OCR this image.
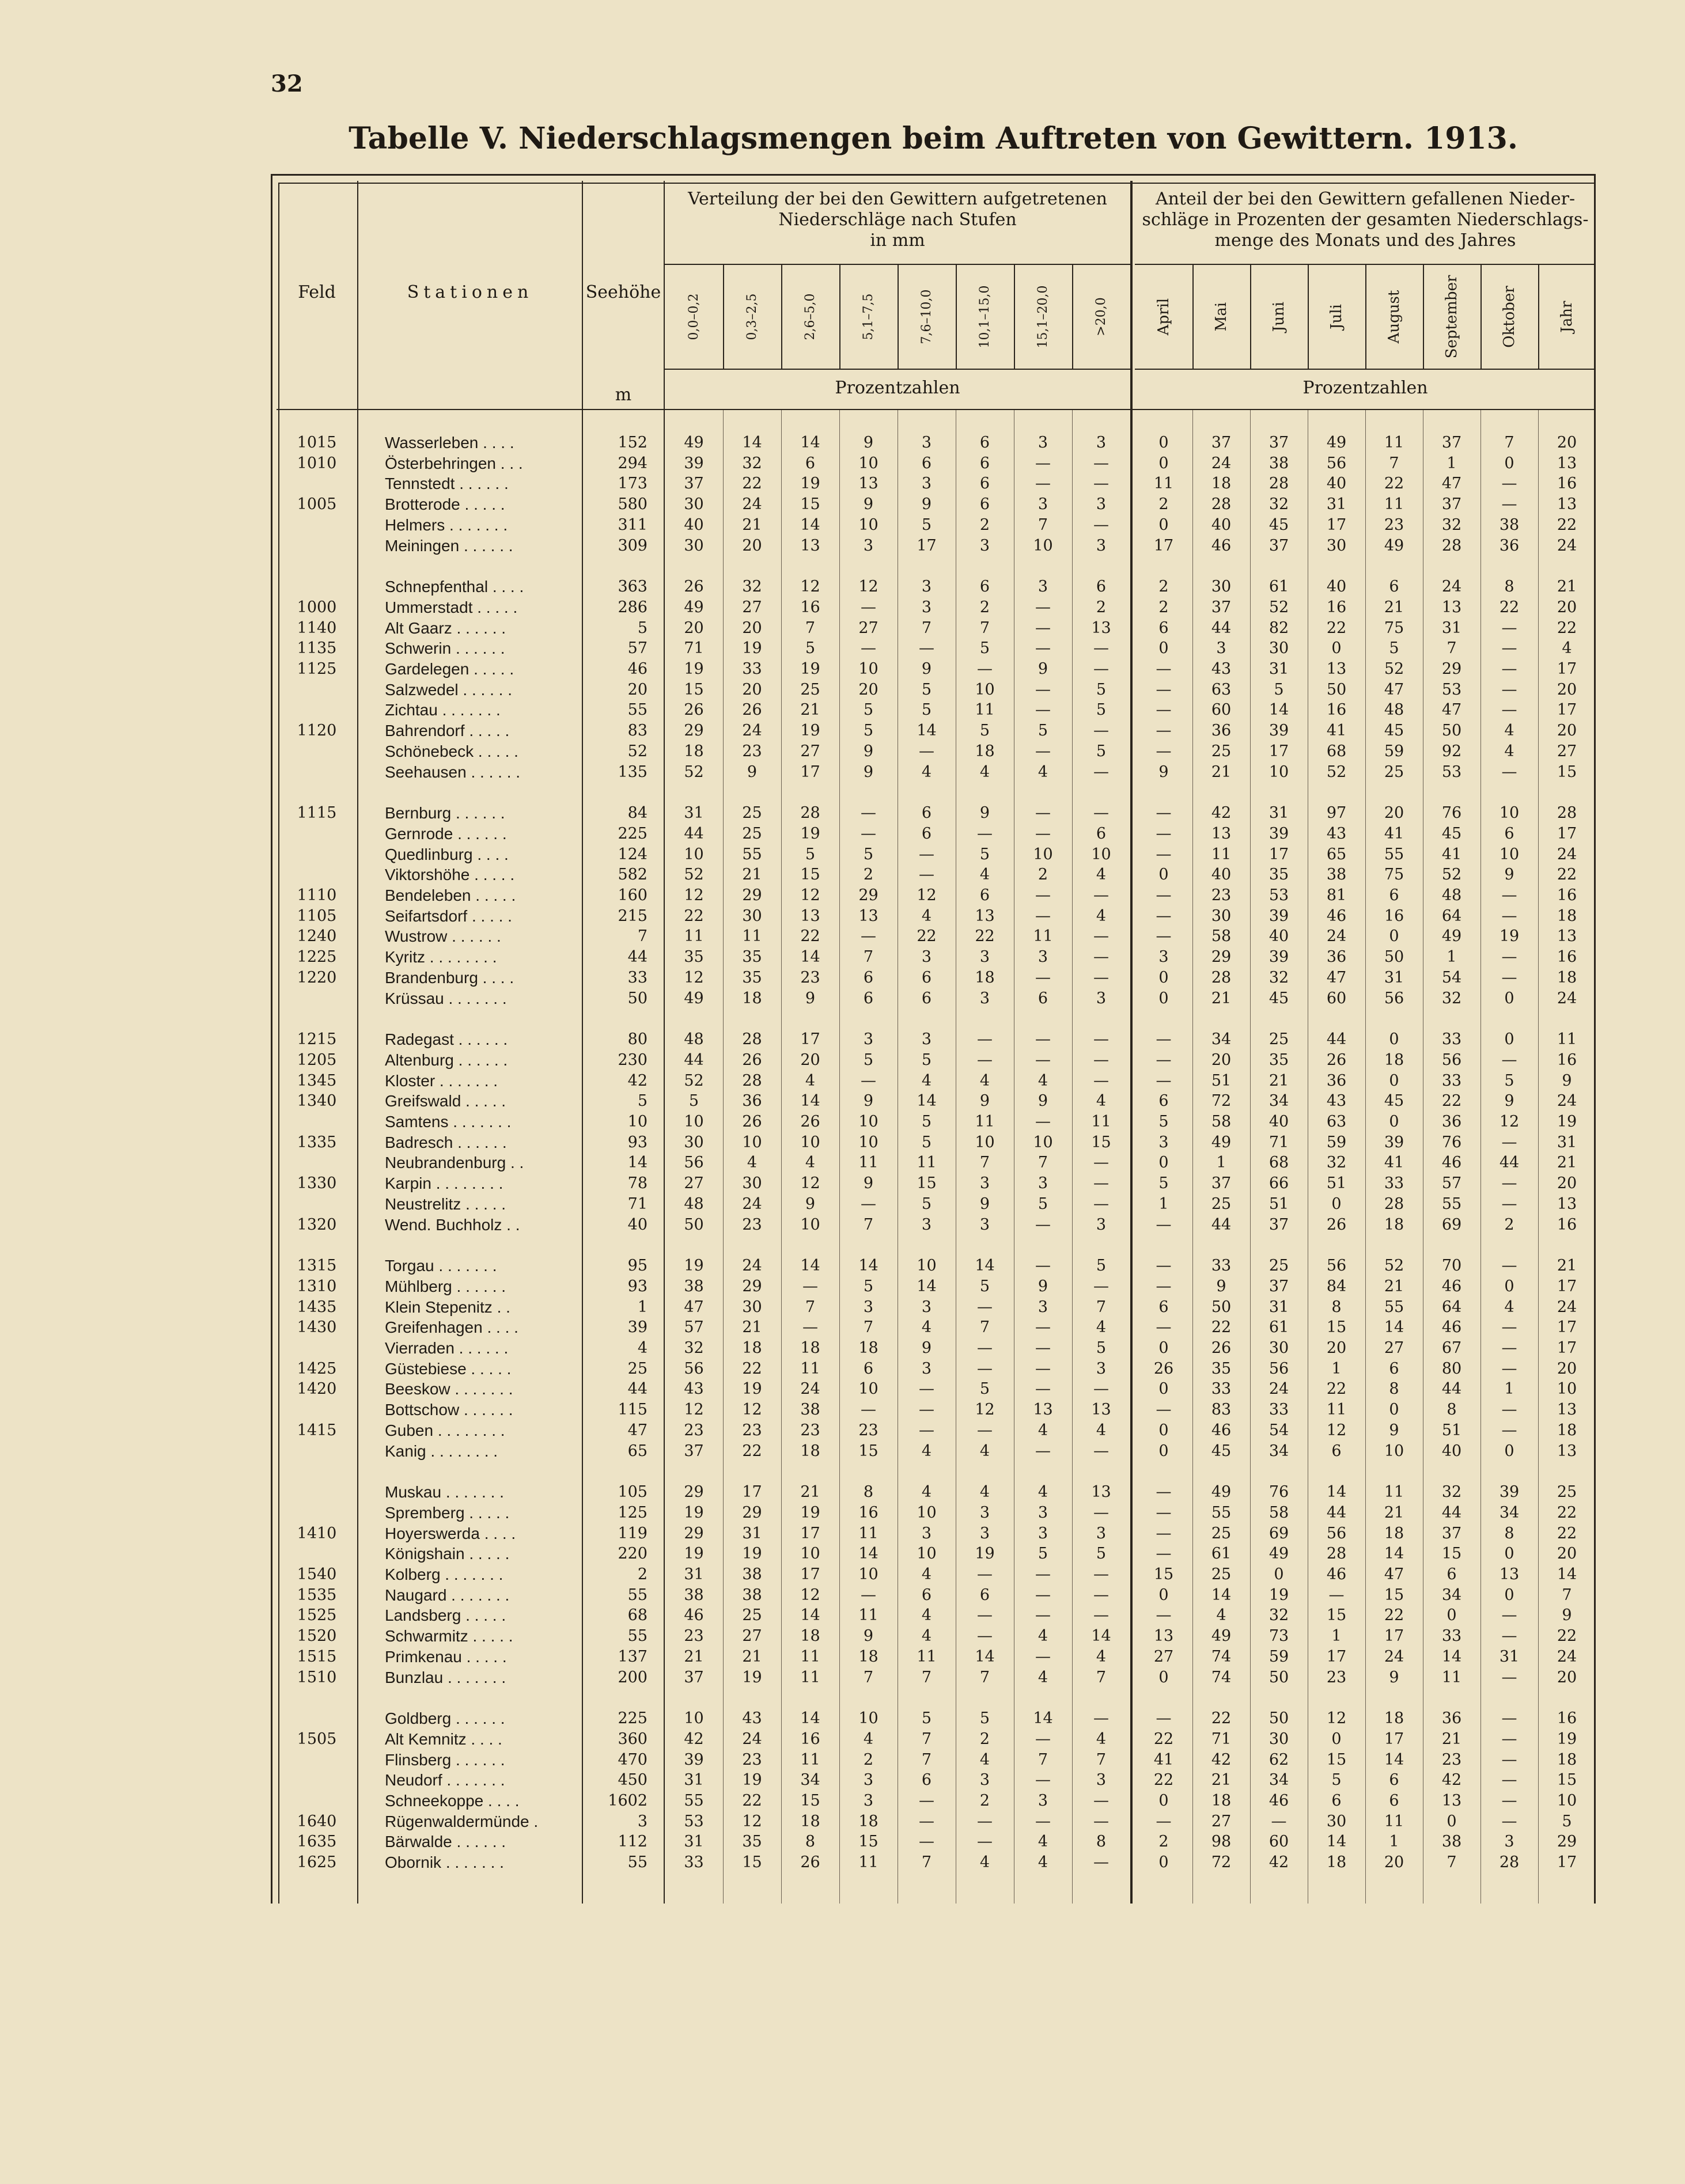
32
Tabelle V. Niederschlagsmengen beim Auftreten von Gewittern. 1913.
Feld	Stationen	Seehöhe
m
Verteilung der bei den Gewittern aufgetretenen
Niederschläge nach Stufen
in mm
Anteil der bei den Gewittern gefallenen Nieder-
schläge in Prozenten der gesamten Niederschlags-
menge des Monats und des Jahres
Prozentzahlen	Prozentzahlen
0,0–0,2	0,3–2,5	2,6–5,0	5,1–7,5	7,6–10,0	10,1–15,0	15,1–20,0	>20,0	April	Mai	Juni	Juli	August	September	Oktober	Jahr
1015	Wasserleben . . . .	152	49	14	14	9	3	6	3	3	0	37	37	49	11	37	7	20
1010	Österbehringen . . .	294	39	32	6	10	6	6	—	—	0	24	38	56	7	1	0	13
Tennstedt . . . . . .	173	37	22	19	13	3	6	—	—	11	18	28	40	22	47	—	16
1005	Brotterode . . . . .	580	30	24	15	9	9	6	3	3	2	28	32	31	11	37	—	13
Helmers . . . . . . .	311	40	21	14	10	5	2	7	—	0	40	45	17	23	32	38	22
Meiningen . . . . . .	309	30	20	13	3	17	3	10	3	17	46	37	30	49	28	36	24
Schnepfenthal . . . .	363	26	32	12	12	3	6	3	6	2	30	61	40	6	24	8	21
1000	Ummerstadt . . . . .	286	49	27	16	—	3	2	—	2	2	37	52	16	21	13	22	20
1140	Alt Gaarz . . . . . .	5	20	20	7	27	7	7	—	13	6	44	82	22	75	31	—	22
1135	Schwerin . . . . . .	57	71	19	5	—	—	5	—	—	0	3	30	0	5	7	—	4
1125	Gardelegen . . . . .	46	19	33	19	10	9	—	9	—	—	43	31	13	52	29	—	17
Salzwedel . . . . . .	20	15	20	25	20	5	10	—	5	—	63	5	50	47	53	—	20
Zichtau . . . . . . .	55	26	26	21	5	5	11	—	5	—	60	14	16	48	47	—	17
1120	Bahrendorf . . . . .	83	29	24	19	5	14	5	5	—	—	36	39	41	45	50	4	20
Schönebeck . . . . .	52	18	23	27	9	—	18	—	5	—	25	17	68	59	92	4	27
Seehausen . . . . . .	135	52	9	17	9	4	4	4	—	9	21	10	52	25	53	—	15
1115	Bernburg . . . . . .	84	31	25	28	—	6	9	—	—	—	42	31	97	20	76	10	28
Gernrode . . . . . .	225	44	25	19	—	6	—	—	6	—	13	39	43	41	45	6	17
Quedlinburg . . . .	124	10	55	5	5	—	5	10	10	—	11	17	65	55	41	10	24
Viktorshöhe . . . . .	582	52	21	15	2	—	4	2	4	0	40	35	38	75	52	9	22
1110	Bendeleben . . . . .	160	12	29	12	29	12	6	—	—	—	23	53	81	6	48	—	16
1105	Seifartsdorf . . . . .	215	22	30	13	13	4	13	—	4	—	30	39	46	16	64	—	18
1240	Wustrow . . . . . .	7	11	11	22	—	22	22	11	—	—	58	40	24	0	49	19	13
1225	Kyritz . . . . . . . .	44	35	35	14	7	3	3	3	—	3	29	39	36	50	1	—	16
1220	Brandenburg . . . .	33	12	35	23	6	6	18	—	—	0	28	32	47	31	54	—	18
Krüssau . . . . . . .	50	49	18	9	6	6	3	6	3	0	21	45	60	56	32	0	24
1215	Radegast . . . . . .	80	48	28	17	3	3	—	—	—	—	34	25	44	0	33	0	11
1205	Altenburg . . . . . .	230	44	26	20	5	5	—	—	—	—	20	35	26	18	56	—	16
1345	Kloster . . . . . . .	42	52	28	4	—	4	4	4	—	—	51	21	36	0	33	5	9
1340	Greifswald . . . . .	5	5	36	14	9	14	9	9	4	6	72	34	43	45	22	9	24
Samtens . . . . . . .	10	10	26	26	10	5	11	—	11	5	58	40	63	0	36	12	19
1335	Badresch . . . . . .	93	30	10	10	10	5	10	10	15	3	49	71	59	39	76	—	31
Neubrandenburg . .	14	56	4	4	11	11	7	7	—	0	1	68	32	41	46	44	21
1330	Karpin . . . . . . . .	78	27	30	12	9	15	3	3	—	5	37	66	51	33	57	—	20
Neustrelitz . . . . .	71	48	24	9	—	5	9	5	—	1	25	51	0	28	55	—	13
1320	Wend. Buchholz . .	40	50	23	10	7	3	3	—	3	—	44	37	26	18	69	2	16
1315	Torgau . . . . . . .	95	19	24	14	14	10	14	—	5	—	33	25	56	52	70	—	21
1310	Mühlberg . . . . . .	93	38	29	—	5	14	5	9	—	—	9	37	84	21	46	0	17
1435	Klein Stepenitz . .	1	47	30	7	3	3	—	3	7	6	50	31	8	55	64	4	24
1430	Greifenhagen . . . .	39	57	21	—	7	4	7	—	4	—	22	61	15	14	46	—	17
Vierraden . . . . . .	4	32	18	18	18	9	—	—	5	0	26	30	20	27	67	—	17
1425	Güstebiese . . . . .	25	56	22	11	6	3	—	—	3	26	35	56	1	6	80	—	20
1420	Beeskow . . . . . . .	44	43	19	24	10	—	5	—	—	0	33	24	22	8	44	1	10
Bottschow . . . . . .	115	12	12	38	—	—	12	13	13	—	83	33	11	0	8	—	13
1415	Guben . . . . . . . .	47	23	23	23	23	—	—	4	4	0	46	54	12	9	51	—	18
Kanig . . . . . . . .	65	37	22	18	15	4	4	—	—	0	45	34	6	10	40	0	13
Muskau . . . . . . .	105	29	17	21	8	4	4	4	13	—	49	76	14	11	32	39	25
Spremberg . . . . .	125	19	29	19	16	10	3	3	—	—	55	58	44	21	44	34	22
1410	Hoyerswerda . . . .	119	29	31	17	11	3	3	3	3	—	25	69	56	18	37	8	22
Königshain . . . . .	220	19	19	10	14	10	19	5	5	—	61	49	28	14	15	0	20
1540	Kolberg . . . . . . .	2	31	38	17	10	4	—	—	—	15	25	0	46	47	6	13	14
1535	Naugard . . . . . . .	55	38	38	12	—	6	6	—	—	0	14	19	—	15	34	0	7
1525	Landsberg . . . . .	68	46	25	14	11	4	—	—	—	—	4	32	15	22	0	—	9
1520	Schwarmitz . . . . .	55	23	27	18	9	4	—	4	14	13	49	73	1	17	33	—	22
1515	Primkenau . . . . .	137	21	21	11	18	11	14	—	4	27	74	59	17	24	14	31	24
1510	Bunzlau . . . . . . .	200	37	19	11	7	7	7	4	7	0	74	50	23	9	11	—	20
Goldberg . . . . . .	225	10	43	14	10	5	5	14	—	—	22	50	12	18	36	—	16
1505	Alt Kemnitz . . . .	360	42	24	16	4	7	2	—	4	22	71	30	0	17	21	—	19
Flinsberg . . . . . .	470	39	23	11	2	7	4	7	7	41	42	62	15	14	23	—	18
Neudorf . . . . . . .	450	31	19	34	3	6	3	—	3	22	21	34	5	6	42	—	15
Schneekoppe . . . .	1602	55	22	15	3	—	2	3	—	0	18	46	6	6	13	—	10
1640	Rügenwaldermünde .	3	53	12	18	18	—	—	—	—	—	27	—	30	11	0	—	5
1635	Bärwalde . . . . . .	112	31	35	8	15	—	—	4	8	2	98	60	14	1	38	3	29
1625	Obornik . . . . . . .	55	33	15	26	11	7	4	4	—	0	72	42	18	20	7	28	17
